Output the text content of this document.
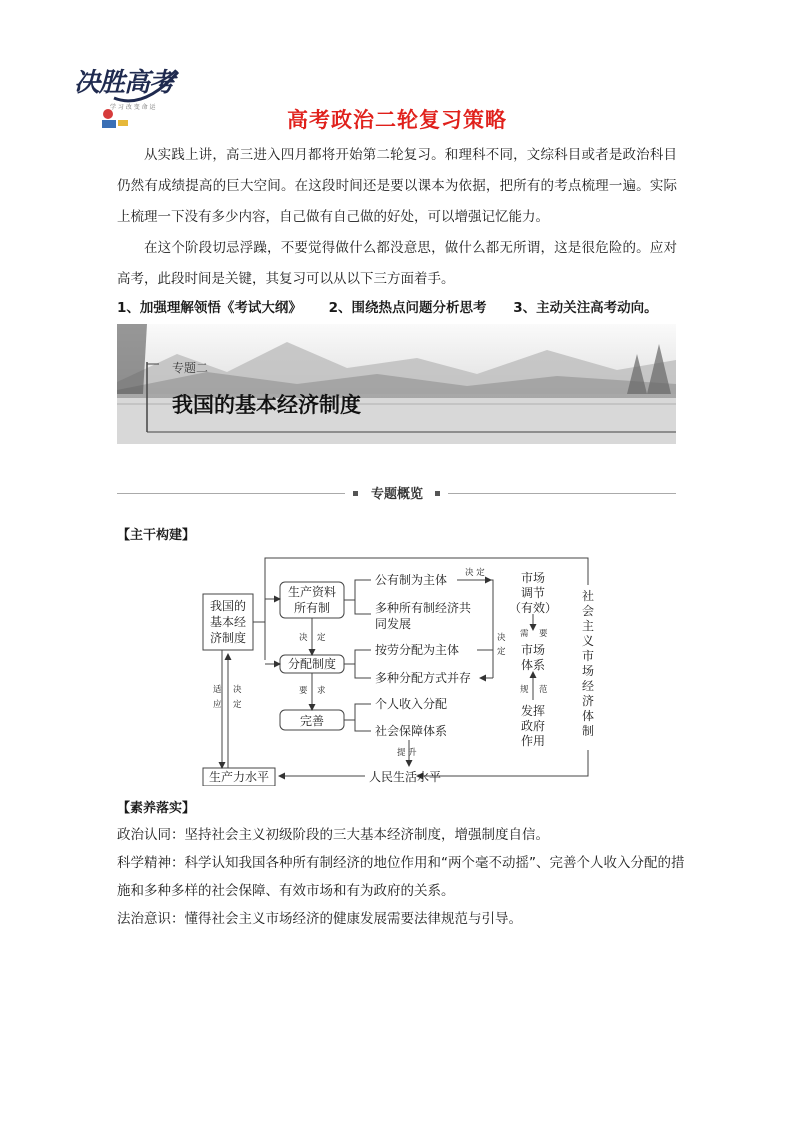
决胜高考
学 习 改 变 命 运
高考政治二轮复习策略

从实践上讲，高三进入四月都将开始第二轮复习。和理科不同，文综科目或者是政治科目仍然有成绩提高的巨大空间。在这段时间还是要以课本为依据，把所有的考点梳理一遍。实际上梳理一下没有多少内容，自己做有自己做的好处，可以增强记忆能力。

在这个阶段切忌浮躁，不要觉得做什么都没意思，做什么都无所谓，这是很危险的。应对高考，此段时间是关键，其复习可以从以下三方面着手。

1、加强理解领悟《考试大纲》 2、围绕热点问题分析思考 3、主动关注高考动向。
专题二
我国的基本经济制度
专题概览
【主干构建】
我国的
基本经
济制度
生产资料
所有制
分配制度
完善
生产力水平
公有制为主体
多种所有制经济共
同发展
按劳分配为主体
多种分配方式并存
个人收入分配
社会保障体系
人民生活水平
市场
调节
（有效）
市场
体系
发挥
政府
作用
社
会
主
义
市
场
经
济
体
制
决 定
要 求
适
应
决
定
决 定
决
定
需 要
规 范
提 升
【素养落实】

政治认同：坚持社会主义初级阶段的三大基本经济制度，增强制度自信。

科学精神：科学认知我国各种所有制经济的地位作用和“两个毫不动摇”、完善个人收入分配的措施和多种多样的社会保障、有效市场和有为政府的关系。

法治意识：懂得社会主义市场经济的健康发展需要法律规范与引导。
